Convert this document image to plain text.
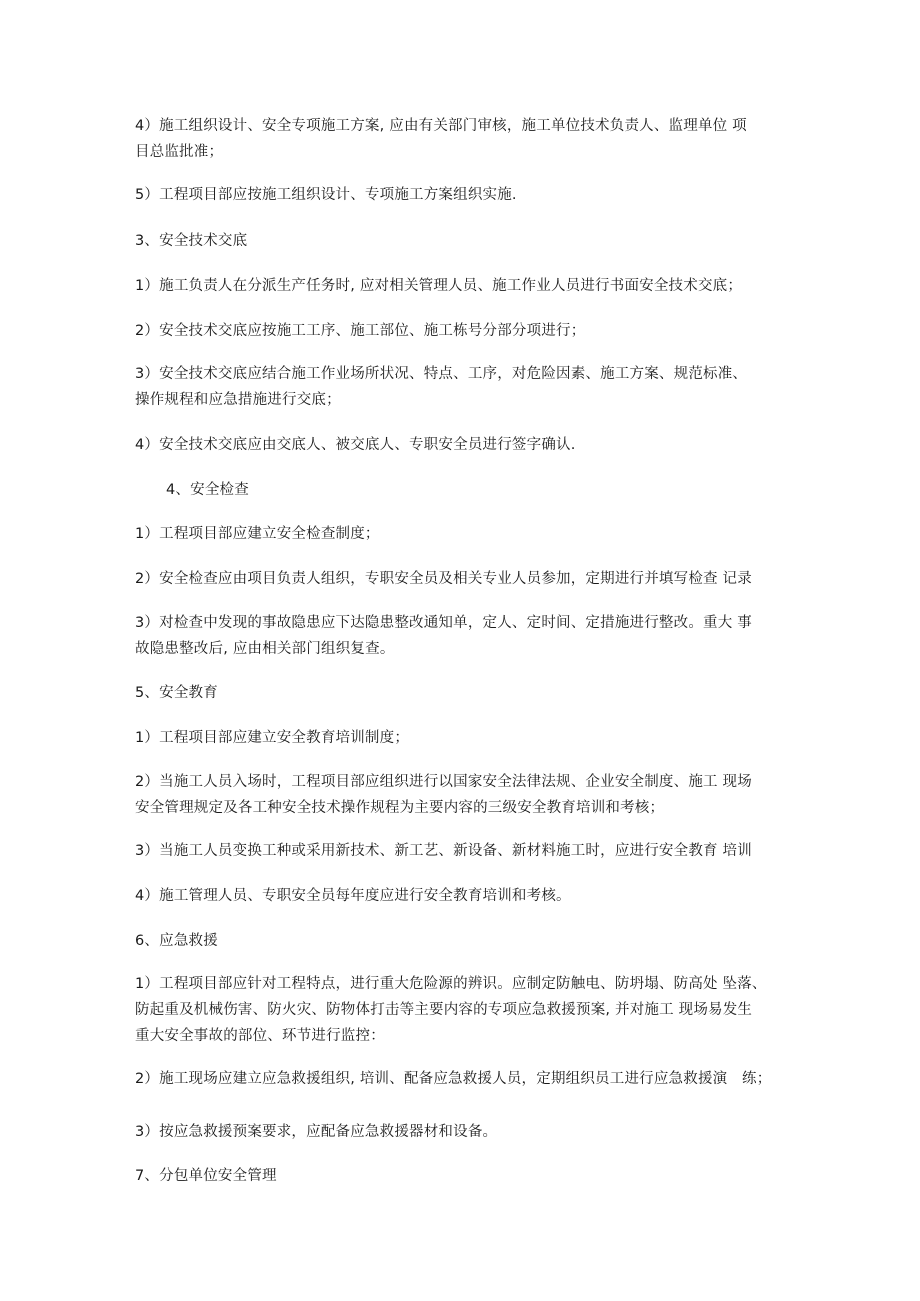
4）施工组织设计、安全专项施工方案, 应由有关部门审核，施工单位技术负责人、监理单位 项
目总监批准；
5）工程项目部应按施工组织设计、专项施工方案组织实施.
3、安全技术交底
1）施工负责人在分派生产任务时, 应对相关管理人员、施工作业人员进行书面安全技术交底；
2）安全技术交底应按施工工序、施工部位、施工栋号分部分项进行；
3）安全技术交底应结合施工作业场所状况、特点、工序，对危险因素、施工方案、规范标准、
操作规程和应急措施进行交底；
4）安全技术交底应由交底人、被交底人、专职安全员进行签字确认.
4、安全检查
1）工程项目部应建立安全检查制度；
2）安全检查应由项目负责人组织，专职安全员及相关专业人员参加，定期进行并填写检查 记录
3）对检查中发现的事故隐患应下达隐患整改通知单，定人、定时间、定措施进行整改。重大 事
故隐患整改后, 应由相关部门组织复查。
5、安全教育
1）工程项目部应建立安全教育培训制度；
2）当施工人员入场时，工程项目部应组织进行以国家安全法律法规、企业安全制度、施工 现场
安全管理规定及各工种安全技术操作规程为主要内容的三级安全教育培训和考核；
3）当施工人员变换工种或采用新技术、新工艺、新设备、新材料施工时，应进行安全教育 培训
4）施工管理人员、专职安全员每年度应进行安全教育培训和考核。
6、应急救援
1）工程项目部应针对工程特点，进行重大危险源的辨识。应制定防触电、防坍塌、防高处 坠落、
防起重及机械伤害、防火灾、防物体打击等主要内容的专项应急救援预案, 并对施工 现场易发生
重大安全事故的部位、环节进行监控：
2）施工现场应建立应急救援组织, 培训、配备应急救援人员，定期组织员工进行应急救援演　练；
3）按应急救援预案要求，应配备应急救援器材和设备。
7、分包单位安全管理
